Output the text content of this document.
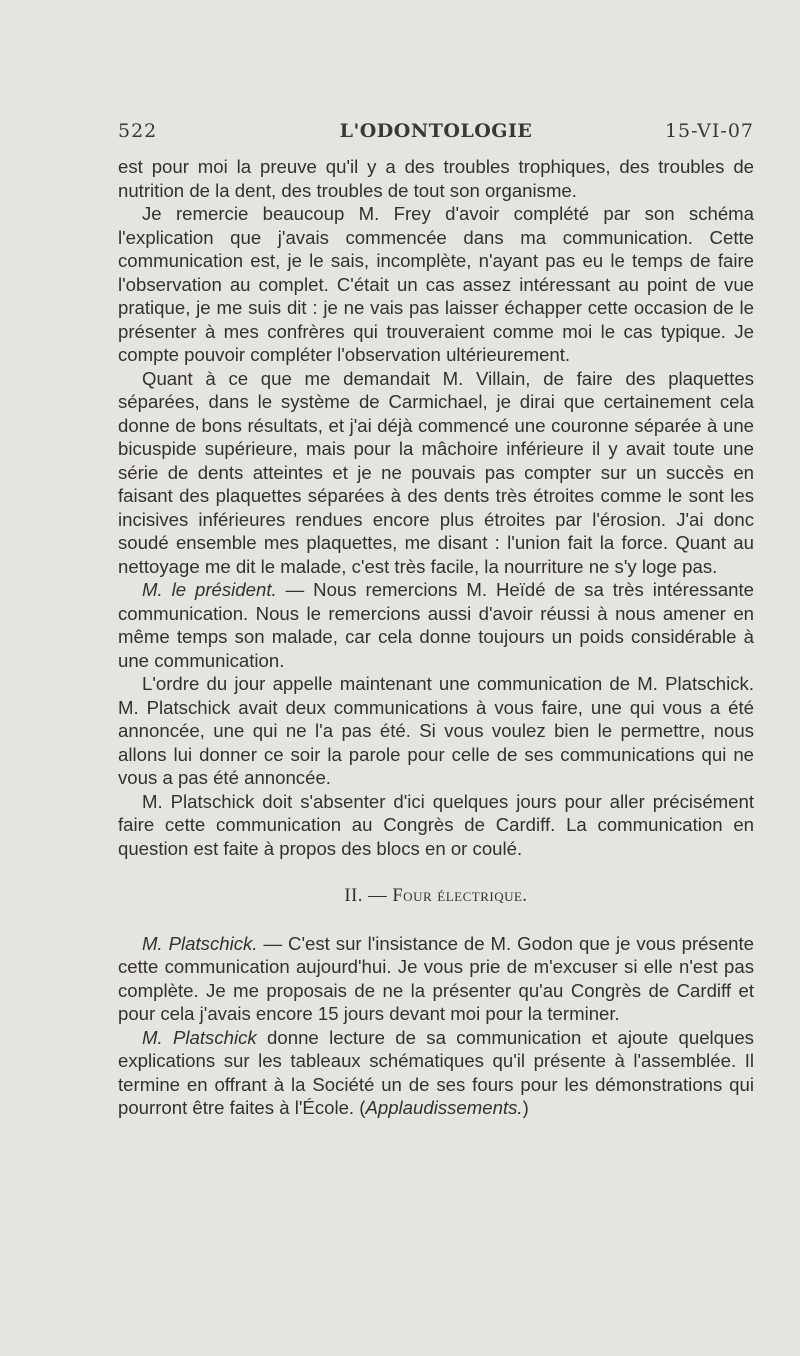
522	L'ODONTOLOGIE	15-VI-07

est pour moi la preuve qu'il y a des troubles trophiques, des troubles de nutrition de la dent, des troubles de tout son organisme.

Je remercie beaucoup M. Frey d'avoir complété par son schéma l'explication que j'avais commencée dans ma communication. Cette communication est, je le sais, incomplète, n'ayant pas eu le temps de faire l'observation au complet. C'était un cas assez intéressant au point de vue pratique, je me suis dit : je ne vais pas laisser échapper cette occasion de le présenter à mes confrères qui trouveraient comme moi le cas typique. Je compte pouvoir compléter l'observation ultérieurement.

Quant à ce que me demandait M. Villain, de faire des plaquettes séparées, dans le système de Carmichael, je dirai que certainement cela donne de bons résultats, et j'ai déjà commencé une couronne séparée à une bicuspide supérieure, mais pour la mâchoire inférieure il y avait toute une série de dents atteintes et je ne pouvais pas compter sur un succès en faisant des plaquettes séparées à des dents très étroites comme le sont les incisives inférieures rendues encore plus étroites par l'érosion. J'ai donc soudé ensemble mes plaquettes, me disant : l'union fait la force. Quant au nettoyage me dit le malade, c'est très facile, la nourriture ne s'y loge pas.

M. le président. — Nous remercions M. Heïdé de sa très intéressante communication. Nous le remercions aussi d'avoir réussi à nous amener en même temps son malade, car cela donne toujours un poids considérable à une communication.

L'ordre du jour appelle maintenant une communication de M. Platschick. M. Platschick avait deux communications à vous faire, une qui vous a été annoncée, une qui ne l'a pas été. Si vous voulez bien le permettre, nous allons lui donner ce soir la parole pour celle de ses communications qui ne vous a pas été annoncée.

M. Platschick doit s'absenter d'ici quelques jours pour aller précisément faire cette communication au Congrès de Cardiff. La communication en question est faite à propos des blocs en or coulé.

II. — Four électrique.

M. Platschick. — C'est sur l'insistance de M. Godon que je vous présente cette communication aujourd'hui. Je vous prie de m'excuser si elle n'est pas complète. Je me proposais de ne la présenter qu'au Congrès de Cardiff et pour cela j'avais encore 15 jours devant moi pour la terminer.

M. Platschick donne lecture de sa communication et ajoute quelques explications sur les tableaux schématiques qu'il présente à l'assemblée. Il termine en offrant à la Société un de ses fours pour les démonstrations qui pourront être faites à l'École. (Applaudissements.)
